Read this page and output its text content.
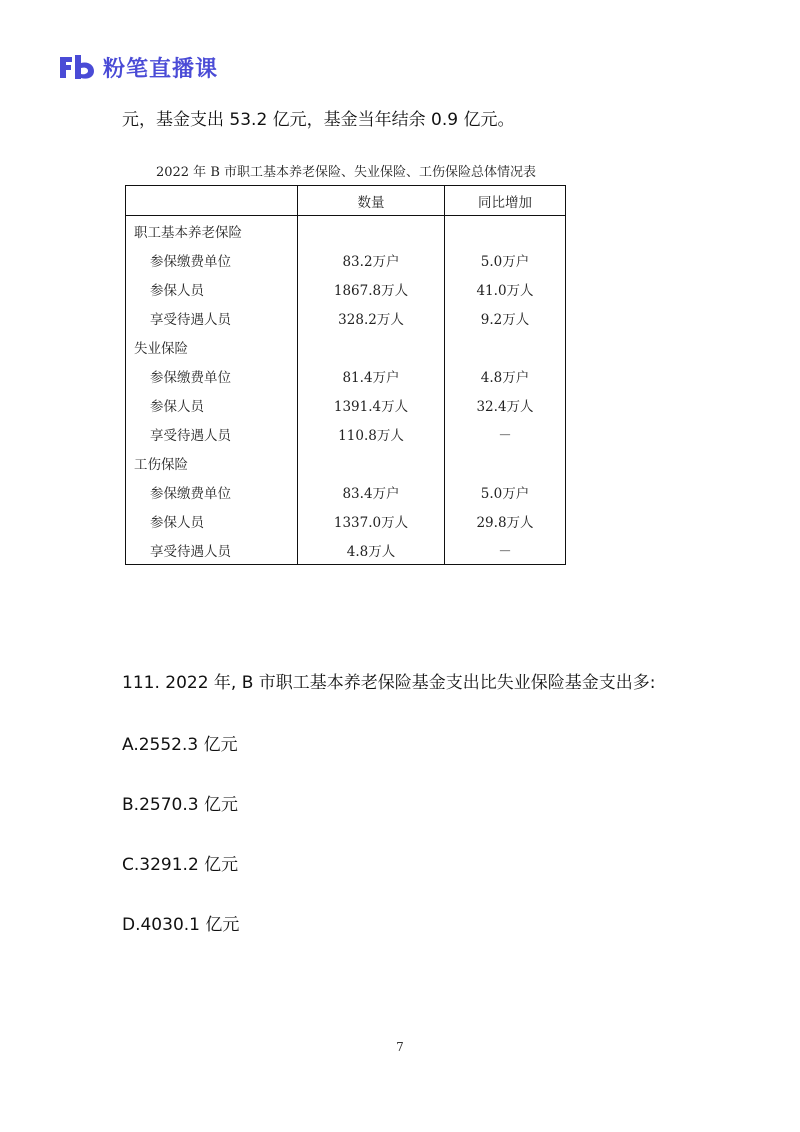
粉笔直播课
元，基金支出 53.2 亿元，基金当年结余 0.9 亿元。
2022 年 B 市职工基本养老保险、失业保险、工伤保险总体情况表
	数量	同比增加
职工基本养老保险		
参保缴费单位	83.2万户	5.0万户
参保人员	1867.8万人	41.0万人
享受待遇人员	328.2万人	9.2万人
失业保险		
参保缴费单位	81.4万户	4.8万户
参保人员	1391.4万人	32.4万人
享受待遇人员	110.8万人	－
工伤保险		
参保缴费单位	83.4万户	5.0万户
参保人员	1337.0万人	29.8万人
享受待遇人员	4.8万人	－
111. 2022 年, B 市职工基本养老保险基金支出比失业保险基金支出多:
A.2552.3 亿元
B.2570.3 亿元
C.3291.2 亿元
D.4030.1 亿元
7
